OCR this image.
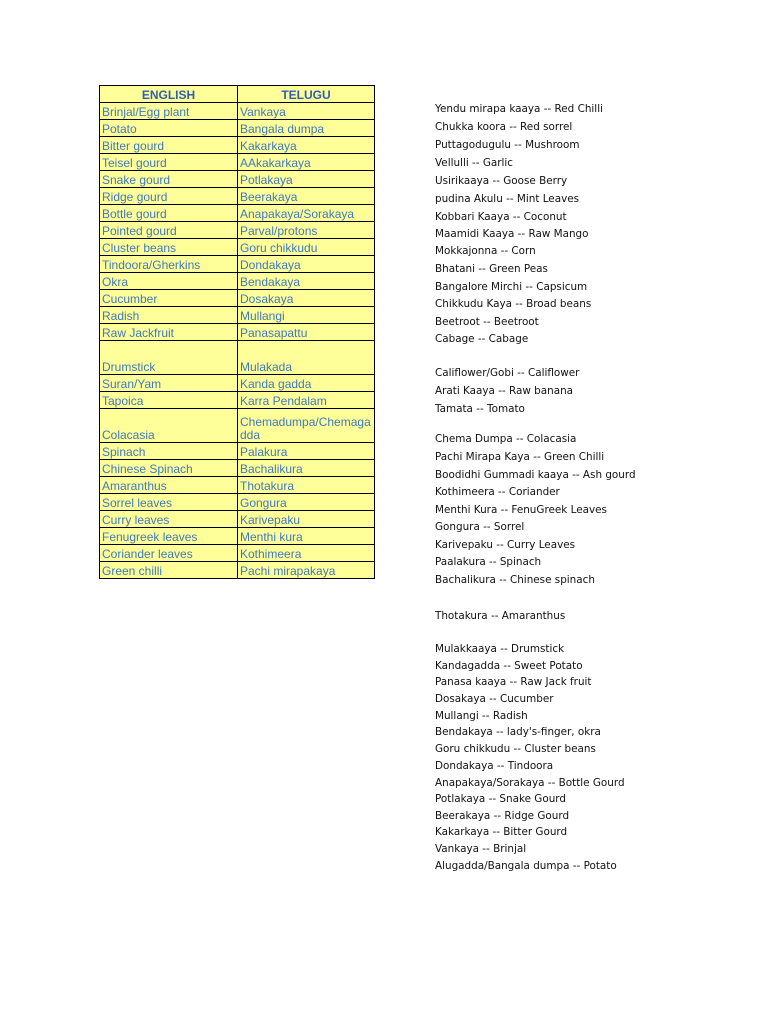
ENGLISH	TELUGU
Brinjal/Egg plant	Vankaya
Potato	Bangala dumpa
Bitter gourd	Kakarkaya
Teisel gourd	AAkakarkaya
Snake gourd	Potlakaya
Ridge gourd	Beerakaya
Bottle gourd	Anapakaya/Sorakaya
Pointed gourd	Parval/protons
Cluster beans	Goru chikkudu
Tindoora/Gherkins	Dondakaya
Okra	Bendakaya
Cucumber	Dosakaya
Radish	Mullangi
Raw Jackfruit	Panasapattu
Drumstick	Mulakada
Suran/Yam	Kanda gadda
Tapoica	Karra Pendalam
Colacasia	Chemadumpa/Chemaga dda

Spinach	Palakura
Chinese Spinach	Bachalikura
Amaranthus	Thotakura
Sorrel leaves	Gongura
Curry leaves	Karivepaku
Fenugreek leaves	Menthi kura
Coriander leaves	Kothimeera
Green chilli	Pachi mirapakaya
Yendu mirapa kaaya -- Red Chilli
Chukka koora -- Red sorrel
Puttagodugulu -- Mushroom
Vellulli -- Garlic
Usirikaaya -- Goose Berry
pudina Akulu -- Mint Leaves
Kobbari Kaaya -- Coconut
Maamidi Kaaya -- Raw Mango
Mokkajonna -- Corn
Bhatani -- Green Peas
Bangalore Mirchi -- Capsicum
Chikkudu Kaya -- Broad beans
Beetroot -- Beetroot
Cabage -- Cabage
Califlower/Gobi -- Califlower
Arati Kaaya -- Raw banana
Tamata -- Tomato
Chema Dumpa -- Colacasia
Pachi Mirapa Kaya -- Green Chilli
Boodidhi Gummadi kaaya -- Ash gourd
Kothimeera -- Coriander
Menthi Kura -- FenuGreek Leaves
Gongura -- Sorrel
Karivepaku -- Curry Leaves
Paalakura -- Spinach
Bachalikura -- Chinese spinach
Thotakura -- Amaranthus
Mulakkaaya -- Drumstick
Kandagadda -- Sweet Potato
Panasa kaaya -- Raw Jack fruit
Dosakaya -- Cucumber
Mullangi -- Radish
Bendakaya -- lady's-finger, okra
Goru chikkudu -- Cluster beans
Dondakaya -- Tindoora
Anapakaya/Sorakaya -- Bottle Gourd
Potlakaya -- Snake Gourd
Beerakaya -- Ridge Gourd
Kakarkaya -- Bitter Gourd
Vankaya -- Brinjal
Alugadda/Bangala dumpa -- Potato
